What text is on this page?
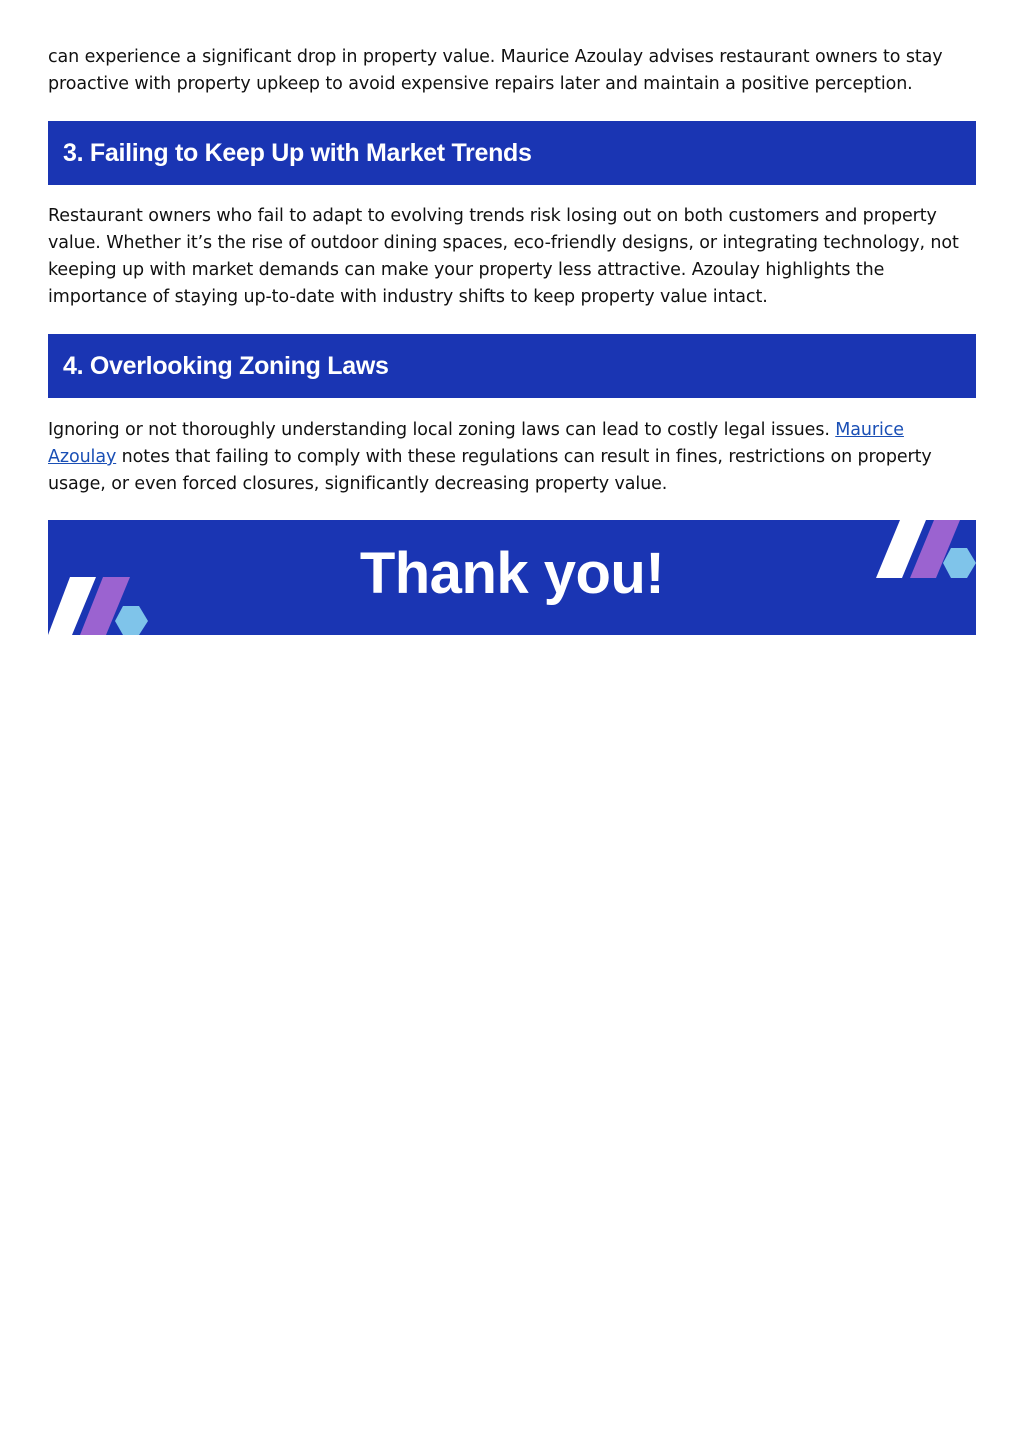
can experience a significant drop in property value. Maurice Azoulay advises restaurant owners to stay proactive with property upkeep to avoid expensive repairs later and maintain a positive perception.

3. Failing to Keep Up with Market Trends

Restaurant owners who fail to adapt to evolving trends risk losing out on both customers and property value. Whether it’s the rise of outdoor dining spaces, eco-friendly designs, or integrating technology, not keeping up with market demands can make your property less attractive. Azoulay highlights the importance of staying up-to-date with industry shifts to keep property value intact.

4. Overlooking Zoning Laws

Ignoring or not thoroughly understanding local zoning laws can lead to costly legal issues. Maurice Azoulay notes that failing to comply with these regulations can result in fines, restrictions on property usage, or even forced closures, significantly decreasing property value.

Thank you!
